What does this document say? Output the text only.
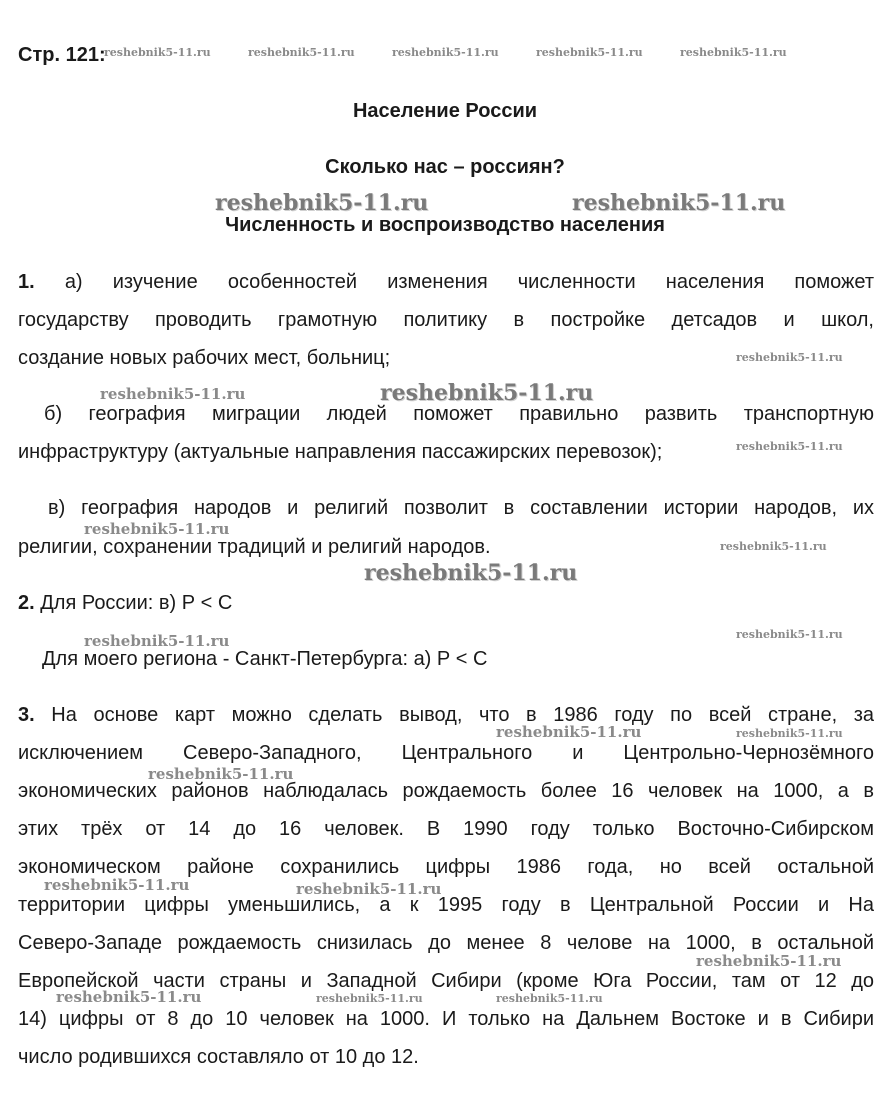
Стр. 121:
Население России
Сколько нас – россиян?
Численность и воспроизводство населения
1. а) изучение особенностей изменения численности населения поможет
государству проводить грамотную политику в постройке детсадов и школ,
создание новых рабочих мест, больниц;
б) география миграции людей поможет правильно развить транспортную
инфраструктуру (актуальные направления пассажирских перевозок);
в) география народов и религий позволит в составлении истории народов, их
религии, сохранении традиций и религий народов.
2. Для России: в) Р < С
Для моего региона - Санкт-Петербурга: а) Р < С
3. На основе карт можно сделать вывод, что в 1986 году по всей стране, за
исключением Северо-Западного, Центрального и Центрольно-Чернозёмного
экономических районов наблюдалась рождаемость более 16 человек на 1000, а в
этих трёх от 14 до 16 человек. В 1990 году только Восточно-Сибирском
экономическом районе сохранились цифры 1986 года, но всей остальной
территории цифры уменьшились, а к 1995 году в Центральной России и На
Северо-Западе рождаемость снизилась до менее 8 челове на 1000, в остальной
Европейской части страны и Западной Сибири (кроме Юга России, там от 12 до
14) цифры от 8 до 10 человек на 1000. И только на Дальнем Востоке и в Сибири
число родившихся составляло от 10 до 12.
reshebnik5-11.ru	reshebnik5-11.ru	reshebnik5-11.ru	reshebnik5-11.ru	reshebnik5-11.ru
reshebnik5-11.ru	reshebnik5-11.ru
reshebnik5-11.ru
reshebnik5-11.ru	reshebnik5-11.ru
reshebnik5-11.ru
reshebnik5-11.ru
reshebnik5-11.ru
reshebnik5-11.ru
reshebnik5-11.ru	reshebnik5-11.ru
reshebnik5-11.ru	reshebnik5-11.ru
reshebnik5-11.ru
reshebnik5-11.ru	reshebnik5-11.ru
reshebnik5-11.ru
reshebnik5-11.ru	reshebnik5-11.ru	reshebnik5-11.ru
